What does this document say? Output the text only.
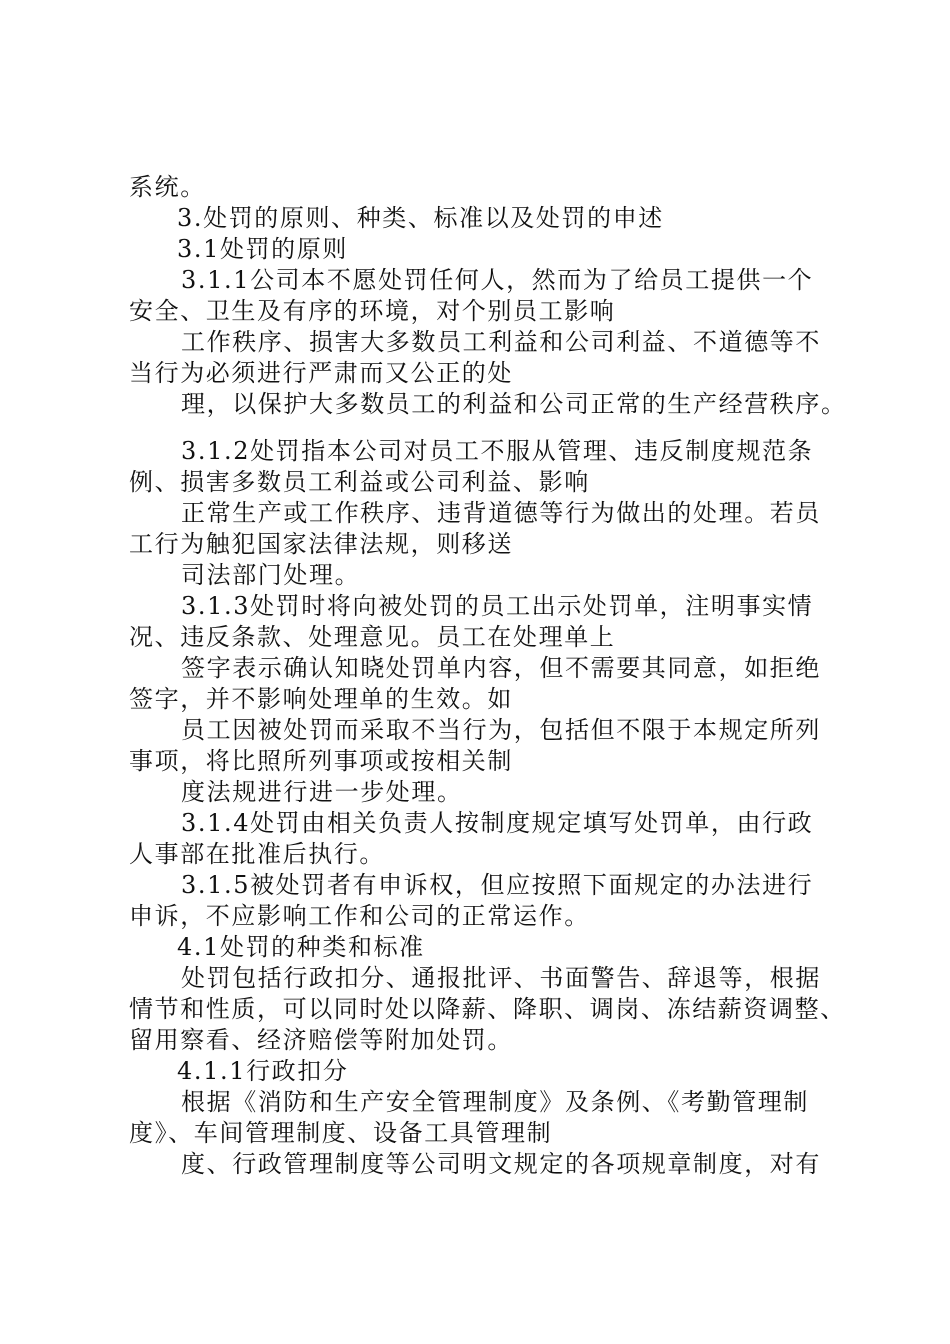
系统。
3.处罚的原则、种类、标准以及处罚的申述
3.1处罚的原则
3.1.1公司本不愿处罚任何人，然而为了给员工提供一个
安全、卫生及有序的环境，对个别员工影响
工作秩序、损害大多数员工利益和公司利益、不道德等不
当行为必须进行严肃而又公正的处
理，以保护大多数员工的利益和公司正常的生产经营秩序。
3.1.2处罚指本公司对员工不服从管理、违反制度规范条
例、损害多数员工利益或公司利益、影响
正常生产或工作秩序、违背道德等行为做出的处理。若员
工行为触犯国家法律法规，则移送
司法部门处理。
3.1.3处罚时将向被处罚的员工出示处罚单，注明事实情
况、违反条款、处理意见。员工在处理单上
签字表示确认知晓处罚单内容，但不需要其同意，如拒绝
签字，并不影响处理单的生效。如
员工因被处罚而采取不当行为，包括但不限于本规定所列
事项，将比照所列事项或按相关制
度法规进行进一步处理。
3.1.4处罚由相关负责人按制度规定填写处罚单，由行政
人事部在批准后执行。
3.1.5被处罚者有申诉权，但应按照下面规定的办法进行
申诉，不应影响工作和公司的正常运作。
4.1处罚的种类和标准
处罚包括行政扣分、通报批评、书面警告、辞退等，根据
情节和性质，可以同时处以降薪、降职、调岗、冻结薪资调整、
留用察看、经济赔偿等附加处罚。
4.1.1行政扣分
根据《消防和生产安全管理制度》及条例、《考勤管理制
度》、车间管理制度、设备工具管理制
度、行政管理制度等公司明文规定的各项规章制度，对有
